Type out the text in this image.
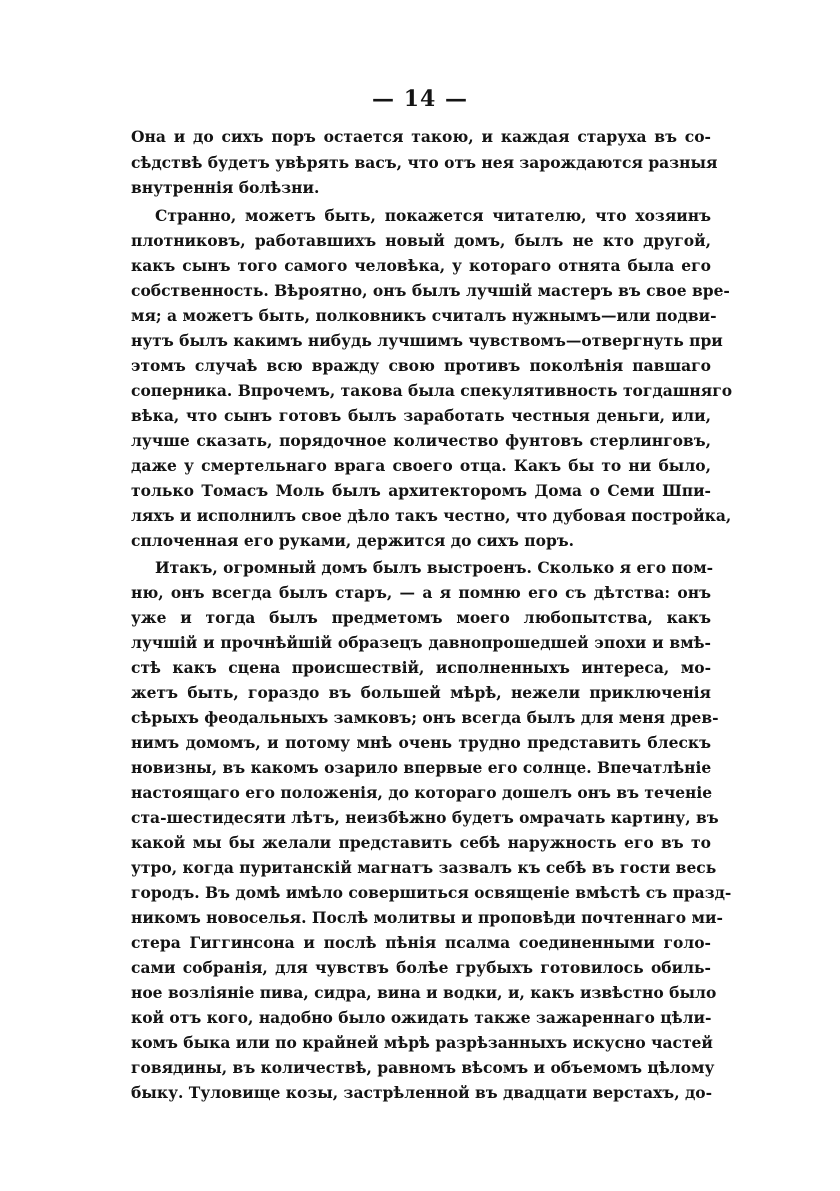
— 14 —
Она и до сихъ поръ остается такою, и каждая старуха въ со-
сѣдствѣ будетъ увѣрять васъ, что отъ нея зарождаются разныя
внутреннія болѣзни.
Странно, можетъ быть, покажется читателю, что хозяинъ
плотниковъ, работавшихъ новый домъ, былъ не кто другой,
какъ сынъ того самого человѣка, у котораго отнята была его
собственность. Вѣроятно, онъ былъ лучшій мастеръ въ свое вре-
мя; а можетъ быть, полковникъ считалъ нужнымъ—или подви-
нутъ былъ какимъ нибудь лучшимъ чувствомъ—отвергнуть при
этомъ случаѣ всю вражду свою противъ поколѣнія павшаго
соперника. Впрочемъ, такова была спекулятивность тогдашняго
вѣка, что сынъ готовъ былъ заработать честныя деньги, или,
лучше сказать, порядочное количество фунтовъ стерлинговъ,
даже у смертельнаго врага своего отца. Какъ бы то ни было,
только Томасъ Моль былъ архитекторомъ Дома о Семи Шпи-
ляхъ и исполнилъ свое дѣло такъ честно, что дубовая постройка,
сплоченная его руками, держится до сихъ поръ.
Итакъ, огромный домъ былъ выстроенъ. Сколько я его пом-
ню, онъ всегда былъ старъ, — а я помню его съ дѣтства: онъ
уже и тогда былъ предметомъ моего любопытства, какъ
лучшій и прочнѣйшій образецъ давнопрошедшей эпохи и вмѣ-
стѣ какъ сцена происшествій, исполненныхъ интереса, мо-
жетъ быть, гораздо въ большей мѣрѣ, нежели приключенія
сѣрыхъ феодальныхъ замковъ; онъ всегда былъ для меня древ-
нимъ домомъ, и потому мнѣ очень трудно представить блескъ
новизны, въ какомъ озарило впервые его солнце. Впечатлѣніе
настоящаго его положенія, до котораго дошелъ онъ въ теченіе
ста-шестидесяти лѣтъ, неизбѣжно будетъ омрачать картину, въ
какой мы бы желали представить себѣ наружность его въ то
утро, когда пуританскій магнатъ зазвалъ къ себѣ въ гости весь
городъ. Въ домѣ имѣло совершиться освященіе вмѣстѣ съ празд-
никомъ новоселья. Послѣ молитвы и проповѣди почтеннаго ми-
стера Гиггинсона и послѣ пѣнія псалма соединенными голо-
сами собранія, для чувствъ болѣе грубыхъ готовилось обиль-
ное возліяніе пива, сидра, вина и водки, и, какъ извѣстно было
кой отъ кого, надобно было ожидать также зажареннаго цѣли-
комъ быка или по крайней мѣрѣ разрѣзанныхъ искусно частей
говядины, въ количествѣ, равномъ вѣсомъ и объемомъ цѣлому
быку. Туловище козы, застрѣленной въ двадцати верстахъ, до-
